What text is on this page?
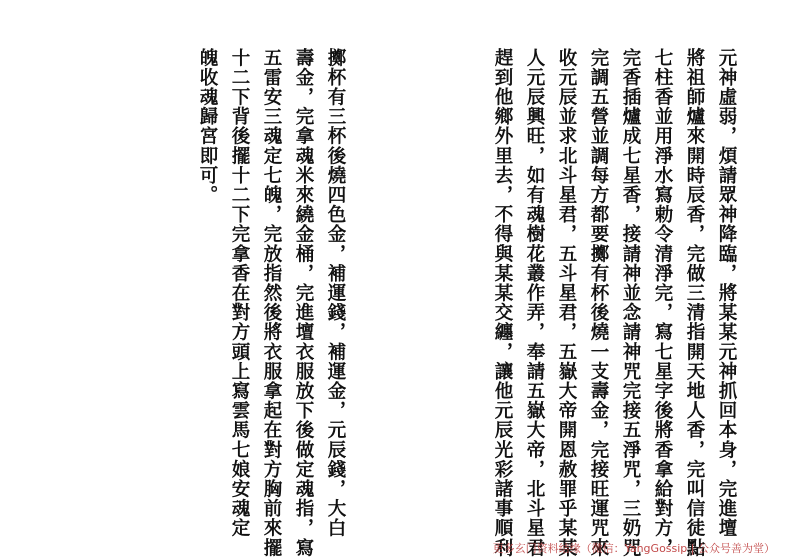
元神虛弱，煩請眾神降臨，將某某元神抓回本身，完進壇
將祖師爐來開時辰香，完做三清指開天地人香，完叫信徒點
七柱香並用淨水寫勅令清淨完，寫七星字後將香拿給對方，
完香插爐成七星香，接請神並念請神咒完接五淨咒，三奶咒
完調五營並調每方都要擲有杯後燒一支壽金，完接旺運咒來
收元辰並求北斗星君，五斗星君，五嶽大帝開恩赦罪乎某某
人元辰興旺，如有魂樹花叢作弄，奉請五嶽大帝，北斗星君
趕到他鄉外里去，不得與某某交纏，讓他元辰光彩諸事順利
擲杯有三杯後燒四色金，補運錢，補運金，元辰錢，大白
壽金，完拿魂米來繞金桶，完進壇衣服放下後做定魂指，寫
五雷安三魂定七魄，完放指然後將衣服拿起在對方胸前來擺
十二下背後擺十二下完拿香在對方頭上寫雲馬七娘安魂定
魄收魂歸宮即可。
更多玄门资料结缘（微信：YangGossip | 公众号善为堂）
